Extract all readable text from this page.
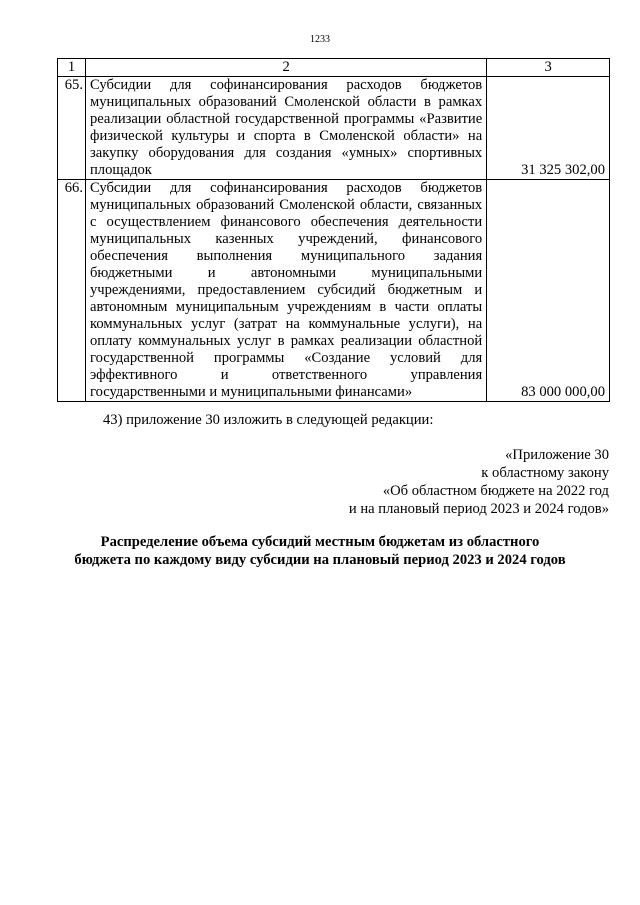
1233
1	2	3
65.	Субсидии для софинансирования расходов бюджетов муниципальных образований Смоленской области в рамках реализации областной государственной программы «Развитие физической культуры и спорта в Смоленской области» на закупку оборудования для создания «умных» спортивных площадок	31 325 302,00
66.	Субсидии для софинансирования расходов бюджетов муниципальных образований Смоленской области, связанных с осуществлением финансового обеспечения деятельности муниципальных казенных учреждений, финансового обеспечения выполнения муниципального задания бюджетными и автономными муниципальными учреждениями, предоставлением субсидий бюджетным и автономным муниципальным учреждениям в части оплаты коммунальных услуг (затрат на коммунальные услуги), на оплату коммунальных услуг в рамках реализации областной государственной программы «Создание условий для эффективного и ответственного управления государственными и муниципальными финансами»	83 000 000,00
43) приложение 30 изложить в следующей редакции:
«Приложение 30
к областному закону
«Об областном бюджете на 2022 год
и на плановый период 2023 и 2024 годов»
Распределение объема субсидий местным бюджетам из областного
бюджета по каждому виду субсидии на плановый период 2023 и 2024 годов
